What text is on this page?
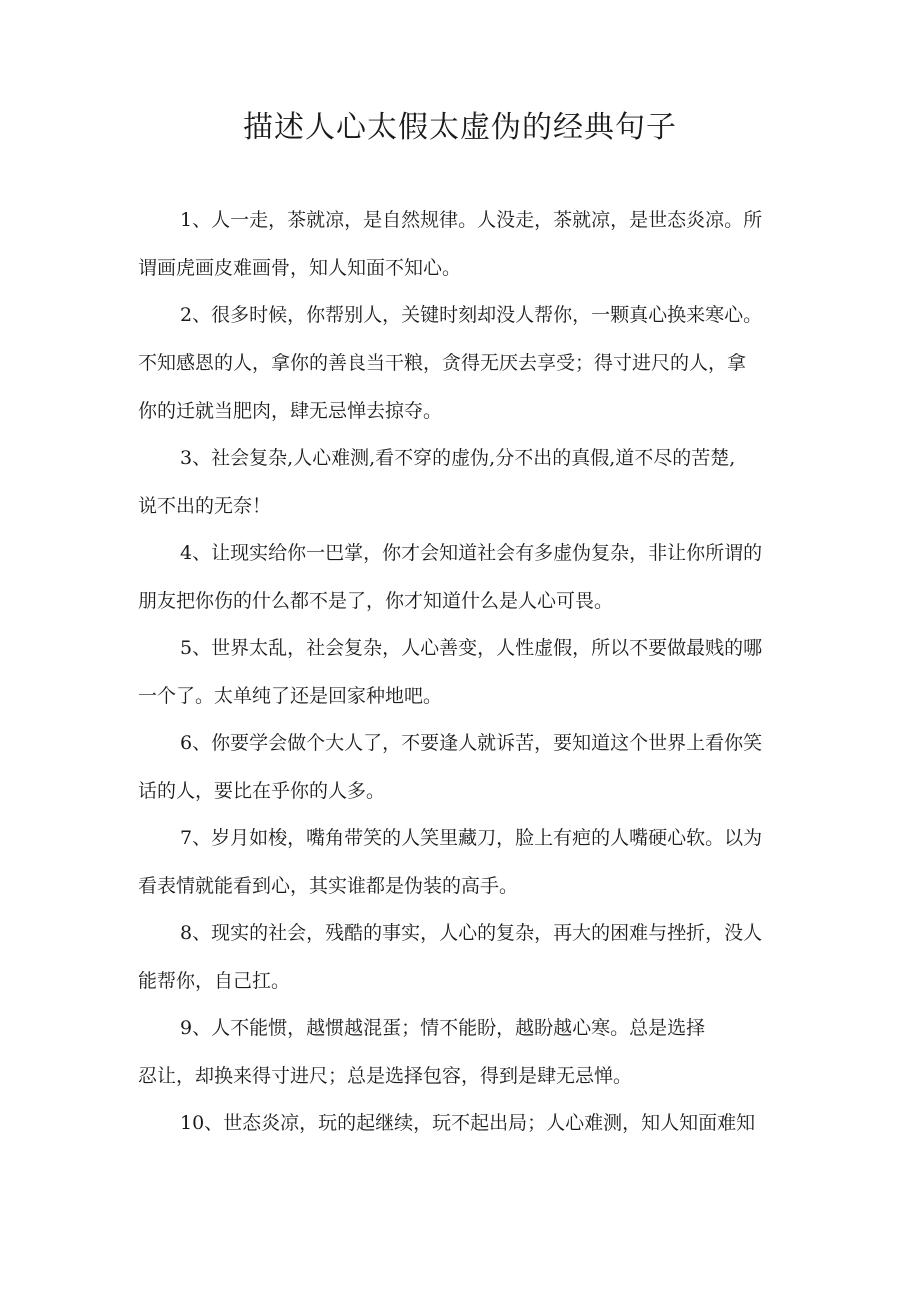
描述人心太假太虚伪的经典句子
1、人一走，茶就凉，是自然规律。人没走，茶就凉，是世态炎凉。所
谓画虎画皮难画骨，知人知面不知心。
2、很多时候，你帮别人，关键时刻却没人帮你，一颗真心换来寒心。
不知感恩的人，拿你的善良当干粮，贪得无厌去享受；得寸进尺的人，拿
你的迁就当肥肉，肆无忌惮去掠夺。
3、社会复杂,人心难测,看不穿的虚伪,分不出的真假,道不尽的苦楚,
说不出的无奈！
4、让现实给你一巴掌，你才会知道社会有多虚伪复杂，非让你所谓的
朋友把你伤的什么都不是了，你才知道什么是人心可畏。
5、世界太乱，社会复杂，人心善变，人性虚假，所以不要做最贱的哪
一个了。太单纯了还是回家种地吧。
6、你要学会做个大人了，不要逢人就诉苦，要知道这个世界上看你笑
话的人，要比在乎你的人多。
7、岁月如梭，嘴角带笑的人笑里藏刀，脸上有疤的人嘴硬心软。以为
看表情就能看到心，其实谁都是伪装的高手。
8、现实的社会，残酷的事实，人心的复杂，再大的困难与挫折，没人
能帮你，自己扛。
9、人不能惯，越惯越混蛋；情不能盼，越盼越心寒。总是选择
忍让，却换来得寸进尺；总是选择包容，得到是肆无忌惮。
10、世态炎凉，玩的起继续，玩不起出局；人心难测，知人知面难知
